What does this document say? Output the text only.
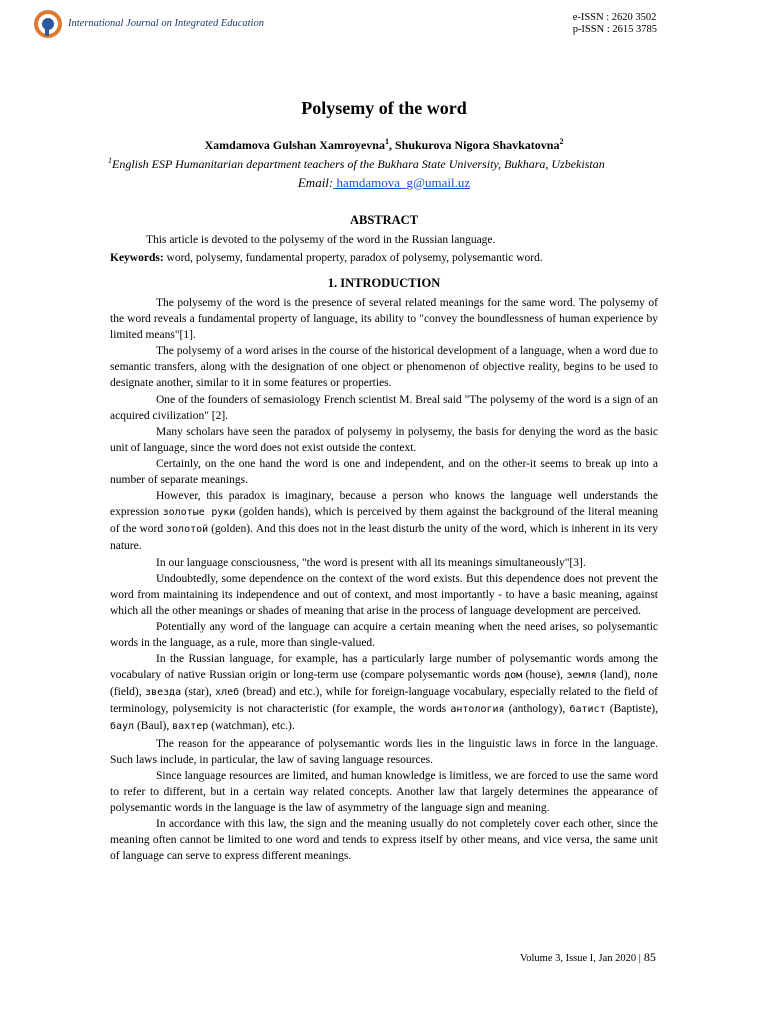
International Journal on Integrated Education
e-ISSN : 2620 3502
p-ISSN : 2615 3785
Polysemy of the word

Xamdamova Gulshan Xamroyevna$^1$, Shukurova Nigora Shavkatovna$^2$

$^1$English ESP Humanitarian department teachers of the Bukhara State University, Bukhara, Uzbekistan

Email: hamdamova_g@umail.uz

ABSTRACT

This article is devoted to the polysemy of the word in the Russian language.

Keywords: word, polysemy, fundamental property, paradox of polysemy, polysemantic word.

1. INTRODUCTION

The polysemy of the word is the presence of several related meanings for the same word. The polysemy of the word reveals a fundamental property of language, its ability to "convey the boundlessness of human experience by limited means"[1].

The polysemy of a word arises in the course of the historical development of a language, when a word due to semantic transfers, along with the designation of one object or phenomenon of objective reality, begins to be used to designate another, similar to it in some features or properties.

One of the founders of semasiology French scientist M. Breal said "The polysemy of the word is a sign of an acquired civilization" [2].

Many scholars have seen the paradox of polysemy in polysemy, the basis for denying the word as the basic unit of language, since the word does not exist outside the context.

Certainly, on the one hand the word is one and independent, and on the other-it seems to break up into a number of separate meanings.

However, this paradox is imaginary, because a person who knows the language well understands the expression золотые руки (golden hands), which is perceived by them against the background of the literal meaning of the word золотой (golden). And this does not in the least disturb the unity of the word, which is inherent in its very nature.

In our language consciousness, "the word is present with all its meanings simultaneously"[3].

Undoubtedly, some dependence on the context of the word exists. But this dependence does not prevent the word from maintaining its independence and out of context, and most importantly - to have a basic meaning, against which all the other meanings or shades of meaning that arise in the process of language development are perceived.

Potentially any word of the language can acquire a certain meaning when the need arises, so polysemantic words in the language, as a rule, more than single-valued.

In the Russian language, for example, has a particularly large number of polysemantic words among the vocabulary of native Russian origin or long-term use (compare polysemantic words дом (house), земля (land), поле (field), звезда (star), хлеб (bread) and etc.), while for foreign-language vocabulary, especially related to the field of terminology, polysemicity is not characteristic (for example, the words антология (anthology), батист (Baptiste), баул (Baul), вахтер (watchman), etc.).

The reason for the appearance of polysemantic words lies in the linguistic laws in force in the language. Such laws include, in particular, the law of saving language resources.

Since language resources are limited, and human knowledge is limitless, we are forced to use the same word to refer to different, but in a certain way related concepts. Another law that largely determines the appearance of polysemantic words in the language is the law of asymmetry of the language sign and meaning.

In accordance with this law, the sign and the meaning usually do not completely cover each other, since the meaning often cannot be limited to one word and tends to express itself by other means, and vice versa, the same unit of language can serve to express different meanings.

Volume 3, Issue I, Jan 2020 | 85
